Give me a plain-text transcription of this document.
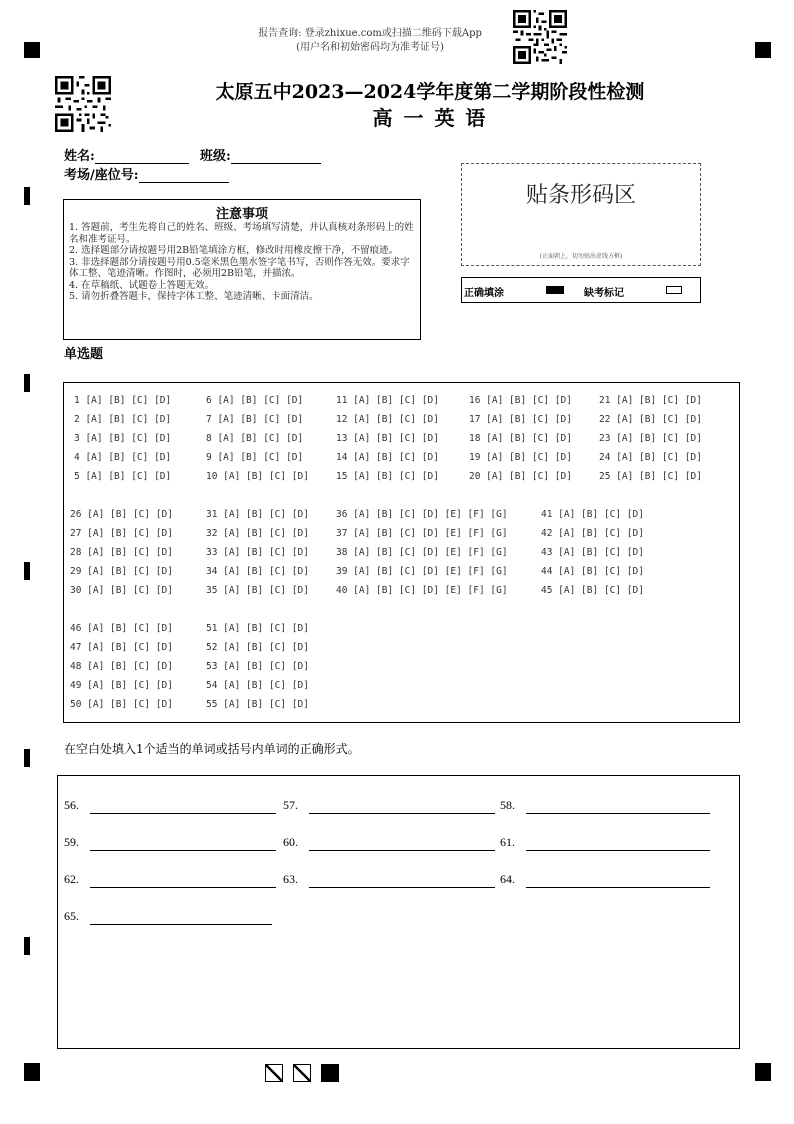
报告查询: 登录zhixue.com或扫描二维码下载App
(用户名和初始密码均为准考证号)
太原五中2023—2024学年度第二学期阶段性检测
高 一 英 语
姓名:	班级:
考场/座位号:
注意事项

1. 答题前，考生先将自己的姓名、班级、考场填写清楚，并认真核对条形码上的姓名和准考证号。

2. 选择题部分请按题号用2B铅笔填涂方框，修改时用橡皮擦干净，不留痕迹。

3. 非选择题部分请按题号用0.5毫米黑色墨水签字笔书写，否则作答无效。要求字体工整、笔迹清晰。作图时，必须用2B铅笔，并描浓。

4. 在草稿纸、试题卷上答题无效。

5. 请勿折叠答题卡，保持字体工整、笔迹清晰、卡面清洁。

贴条形码区
(正面朝上，切勿贴出虚线方框)
正确填涂	缺考标记
单选题
1 [A] [B] [C] [D]
2 [A] [B] [C] [D]
3 [A] [B] [C] [D]
4 [A] [B] [C] [D]
5 [A] [B] [C] [D]
6 [A] [B] [C] [D]
7 [A] [B] [C] [D]
8 [A] [B] [C] [D]
9 [A] [B] [C] [D]
10 [A] [B] [C] [D]
11 [A] [B] [C] [D]
12 [A] [B] [C] [D]
13 [A] [B] [C] [D]
14 [A] [B] [C] [D]
15 [A] [B] [C] [D]
16 [A] [B] [C] [D]
17 [A] [B] [C] [D]
18 [A] [B] [C] [D]
19 [A] [B] [C] [D]
20 [A] [B] [C] [D]
21 [A] [B] [C] [D]
22 [A] [B] [C] [D]
23 [A] [B] [C] [D]
24 [A] [B] [C] [D]
25 [A] [B] [C] [D]
26 [A] [B] [C] [D]
27 [A] [B] [C] [D]
28 [A] [B] [C] [D]
29 [A] [B] [C] [D]
30 [A] [B] [C] [D]
31 [A] [B] [C] [D]
32 [A] [B] [C] [D]
33 [A] [B] [C] [D]
34 [A] [B] [C] [D]
35 [A] [B] [C] [D]
36 [A] [B] [C] [D] [E] [F] [G]
37 [A] [B] [C] [D] [E] [F] [G]
38 [A] [B] [C] [D] [E] [F] [G]
39 [A] [B] [C] [D] [E] [F] [G]
40 [A] [B] [C] [D] [E] [F] [G]
41 [A] [B] [C] [D]
42 [A] [B] [C] [D]
43 [A] [B] [C] [D]
44 [A] [B] [C] [D]
45 [A] [B] [C] [D]
46 [A] [B] [C] [D]
47 [A] [B] [C] [D]
48 [A] [B] [C] [D]
49 [A] [B] [C] [D]
50 [A] [B] [C] [D]
51 [A] [B] [C] [D]
52 [A] [B] [C] [D]
53 [A] [B] [C] [D]
54 [A] [B] [C] [D]
55 [A] [B] [C] [D]
在空白处填入1个适当的单词或括号内单词的正确形式。
56.	57.	58.
59.	60.	61.
62.	63.	64.
65.
